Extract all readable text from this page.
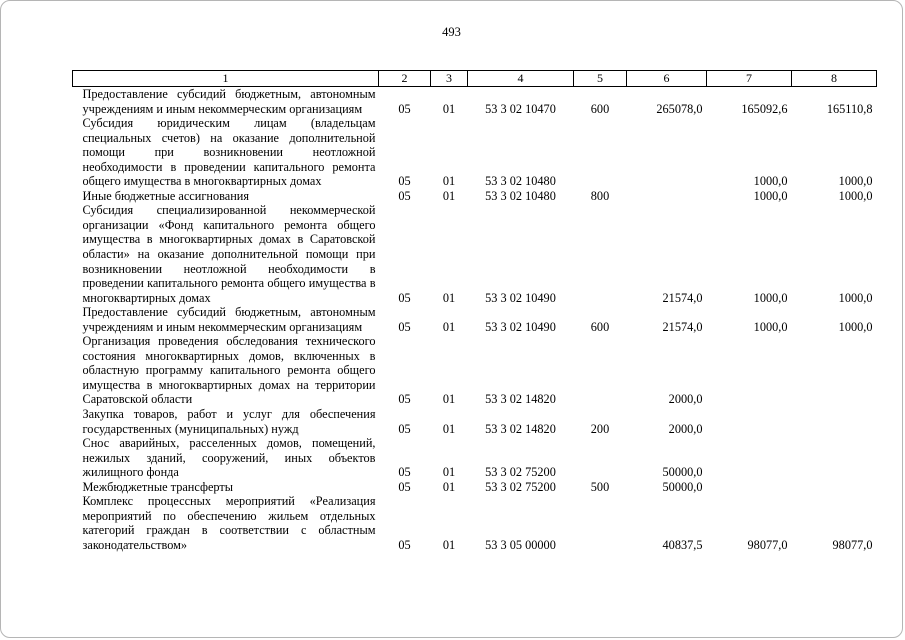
493
1	2	3	4	5	6	7	8
Предоставление субсидий бюджетным, автономным учреждениям и иным некоммерческим организациям	05	01	53 3 02 10470	600	265078,0	165092,6	165110,8
Субсидия юридическим лицам (владельцам специальных счетов) на оказание дополнительной помощи при возникновении неотложной необходимости в проведении капитального ремонта общего имущества в многоквартирных домах	05	01	53 3 02 10480			1000,0	1000,0
Иные бюджетные ассигнования	05	01	53 3 02 10480	800		1000,0	1000,0
Субсидия специализированной некоммерческой организации «Фонд капитального ремонта общего имущества в многоквартирных домах в Саратовской области» на оказание дополнительной помощи при возникновении неотложной необходимости в проведении капитального ремонта общего имущества в многоквартирных домах	05	01	53 3 02 10490		21574,0	1000,0	1000,0
Предоставление субсидий бюджетным, автономным учреждениям и иным некоммерческим организациям	05	01	53 3 02 10490	600	21574,0	1000,0	1000,0
Организация проведения обследования технического состояния многоквартирных домов, включенных в областную программу капитального ремонта общего имущества в многоквартирных домах на территории Саратовской области	05	01	53 3 02 14820		2000,0		
Закупка товаров, работ и услуг для обеспечения государственных (муниципальных) нужд	05	01	53 3 02 14820	200	2000,0		
Снос аварийных, расселенных домов, помещений, нежилых зданий, сооружений, иных объектов жилищного фонда	05	01	53 3 02 75200		50000,0		
Межбюджетные трансферты	05	01	53 3 02 75200	500	50000,0		
Комплекс процессных мероприятий «Реализация мероприятий по обеспечению жильем отдельных категорий граждан в соответствии с областным законодательством»	05	01	53 3 05 00000		40837,5	98077,0	98077,0
